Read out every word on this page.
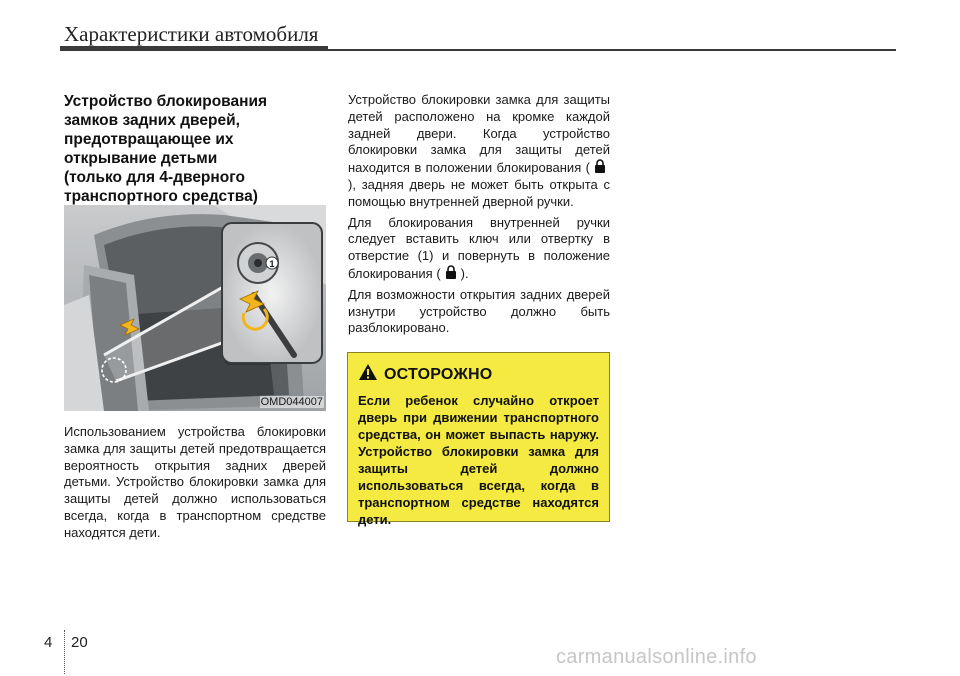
Характеристики автомобиля
Устройство блокирования
замков задних дверей,
предотвращающее их
открывание детьми
(только для 4-дверного
транспортного средства)
1
OMD044007

Использованием устройства блокировки замка для защиты детей предотвращается вероятность открытия задних дверей детьми. Устройство блокировки замка для защиты детей должно использоваться всегда, когда в транспортном средстве находятся дети.

Устройство блокировки замка для защиты детей расположено на кромке каждой задней двери. Когда устройство блокировки замка для защиты детей находится в положении блокирования (), задняя дверь не может быть открыта с помощью внутренней дверной ручки.

Для блокирования внутренней ручки следует вставить ключ или отвертку в отверстие (1) и повернуть в положение блокирования ( ).

Для возможности открытия задних дверей изнутри устройство должно быть разблокировано.

ОСТОРОЖНО
Если ребенок случайно откроет дверь при движении транспортного средства, он может выпасть наружу. Устройство блокировки замка для защиты детей должно использоваться всегда, когда в транспортном средстве находятся дети.
4 20
carmanualsonline.info
